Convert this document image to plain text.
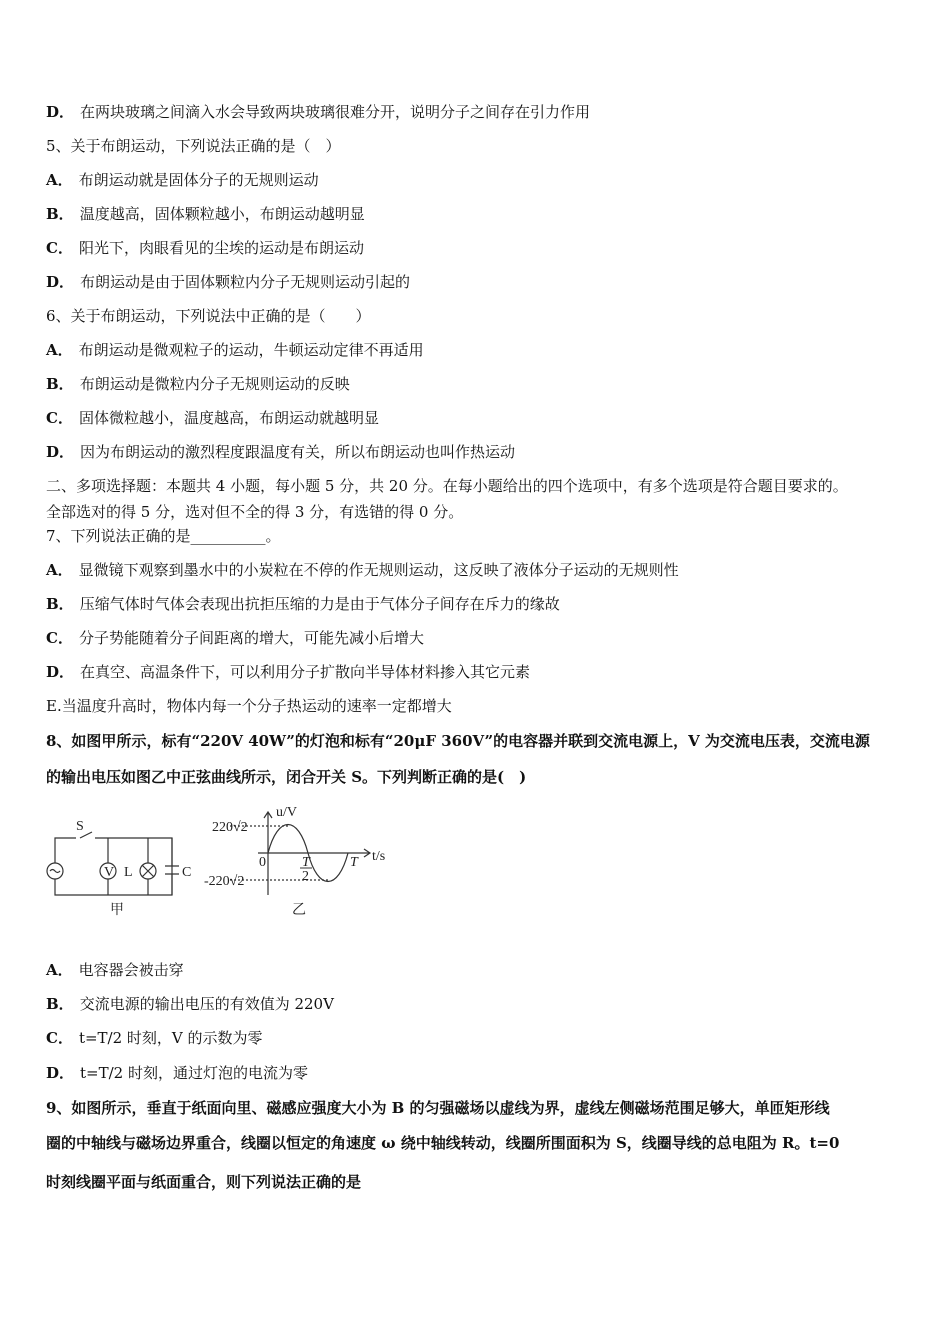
S
V L	C
甲
u/V
t/s
0	T
T
2
220√2
-220√2
乙
D． 在两块玻璃之间滴入水会导致两块玻璃很难分开，说明分子之间存在引力作用
5、关于布朗运动，下列说法正确的是（　）
A． 布朗运动就是固体分子的无规则运动
B． 温度越高，固体颗粒越小，布朗运动越明显
C． 阳光下，肉眼看见的尘埃的运动是布朗运动
D． 布朗运动是由于固体颗粒内分子无规则运动引起的
6、关于布朗运动，下列说法中正确的是（　　）
A． 布朗运动是微观粒子的运动，牛顿运动定律不再适用
B． 布朗运动是微粒内分子无规则运动的反映
C． 固体微粒越小，温度越高，布朗运动就越明显
D． 因为布朗运动的激烈程度跟温度有关，所以布朗运动也叫作热运动
二、多项选择题：本题共 4 小题，每小题 5 分，共 20 分。在每小题给出的四个选项中，有多个选项是符合题目要求的。
全部选对的得 5 分，选对但不全的得 3 分，有选错的得 0 分。
7、下列说法正确的是__________。
A． 显微镜下观察到墨水中的小炭粒在不停的作无规则运动，这反映了液体分子运动的无规则性
B． 压缩气体时气体会表现出抗拒压缩的力是由于气体分子间存在斥力的缘故
C． 分子势能随着分子间距离的增大，可能先减小后增大
D． 在真空、高温条件下，可以利用分子扩散向半导体材料掺入其它元素
E.当温度升高时，物体内每一个分子热运动的速率一定都增大
8、如图甲所示，标有“220V 40W”的灯泡和标有“20μF 360V”的电容器并联到交流电源上，V 为交流电压表，交流电源
的输出电压如图乙中正弦曲线所示，闭合开关 S。下列判断正确的是(　)
A． 电容器会被击穿
B． 交流电源的输出电压的有效值为 220V
C． t=T/2 时刻，V 的示数为零
D． t=T/2 时刻，通过灯泡的电流为零
9、如图所示，垂直于纸面向里、磁感应强度大小为 B 的匀强磁场以虚线为界，虚线左侧磁场范围足够大，单匝矩形线
圈的中轴线与磁场边界重合，线圈以恒定的角速度 ω 绕中轴线转动，线圈所围面积为 S，线圈导线的总电阻为 R。t=0
时刻线圈平面与纸面重合，则下列说法正确的是
